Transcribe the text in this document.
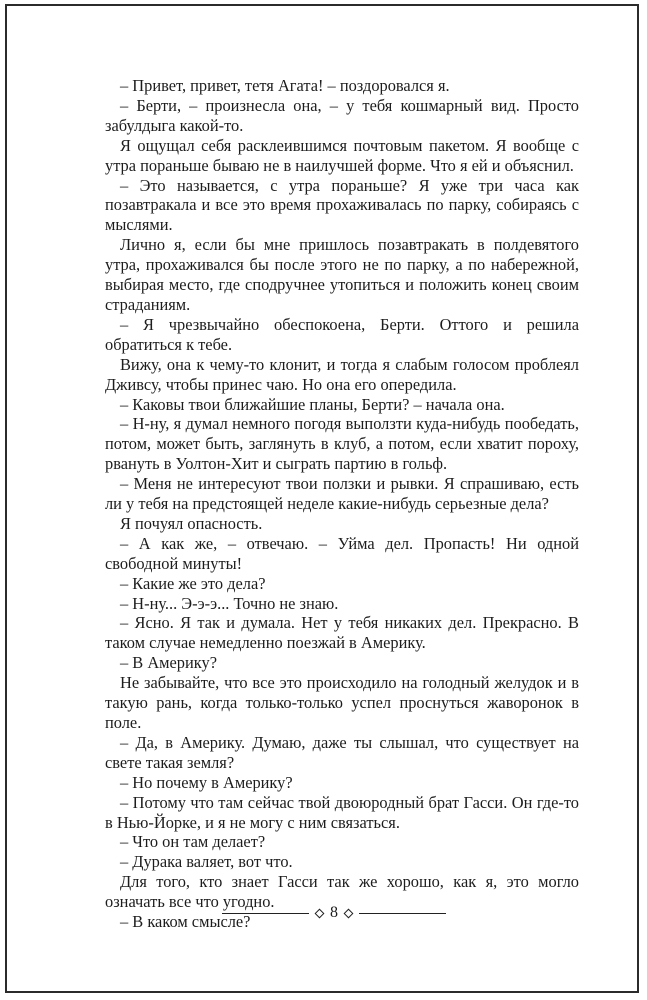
– Привет, привет, тетя Агата! – поздоровался я.

– Берти, – произнесла она, – у тебя кошмарный вид. Просто забулдыга какой-то.

Я ощущал себя расклеившимся почтовым пакетом. Я вообще с утра пораньше бываю не в наилучшей форме. Что я ей и объяснил.

– Это называется, с утра пораньше? Я уже три часа как позавтракала и все это время прохаживалась по парку, собираясь с мыслями.

Лично я, если бы мне пришлось позавтракать в полдевятого утра, прохаживался бы после этого не по парку, а по набережной, выбирая место, где сподручнее утопиться и положить конец своим страданиям.

– Я чрезвычайно обеспокоена, Берти. Оттого и решила обратиться к тебе.

Вижу, она к чему-то клонит, и тогда я слабым голосом проблеял Дживсу, чтобы принес чаю. Но она его опередила.

– Каковы твои ближайшие планы, Берти? – начала она.

– Н-ну, я думал немного погодя выползти куда-нибудь пообедать, потом, может быть, заглянуть в клуб, а потом, если хватит пороху, рвануть в Уолтон-Хит и сыграть партию в гольф.

– Меня не интересуют твои ползки и рывки. Я спрашиваю, есть ли у тебя на предстоящей неделе какие-нибудь серьезные дела?

Я почуял опасность.

– А как же, – отвечаю. – Уйма дел. Пропасть! Ни одной свободной минуты!

– Какие же это дела?

– Н-ну... Э-э-э... Точно не знаю.

– Ясно. Я так и думала. Нет у тебя никаких дел. Прекрасно. В таком случае немедленно поезжай в Америку.

– В Америку?

Не забывайте, что все это происходило на голодный желудок и в такую рань, когда только-только успел проснуться жаворонок в поле.

– Да, в Америку. Думаю, даже ты слышал, что существует на свете такая земля?

– Но почему в Америку?

– Потому что там сейчас твой двоюродный брат Гасси. Он где-то в Нью-Йорке, и я не могу с ним связаться.

– Что он там делает?

– Дурака валяет, вот что.

Для того, кто знает Гасси так же хорошо, как я, это могло означать все что угодно.

– В каком смысле?	8
